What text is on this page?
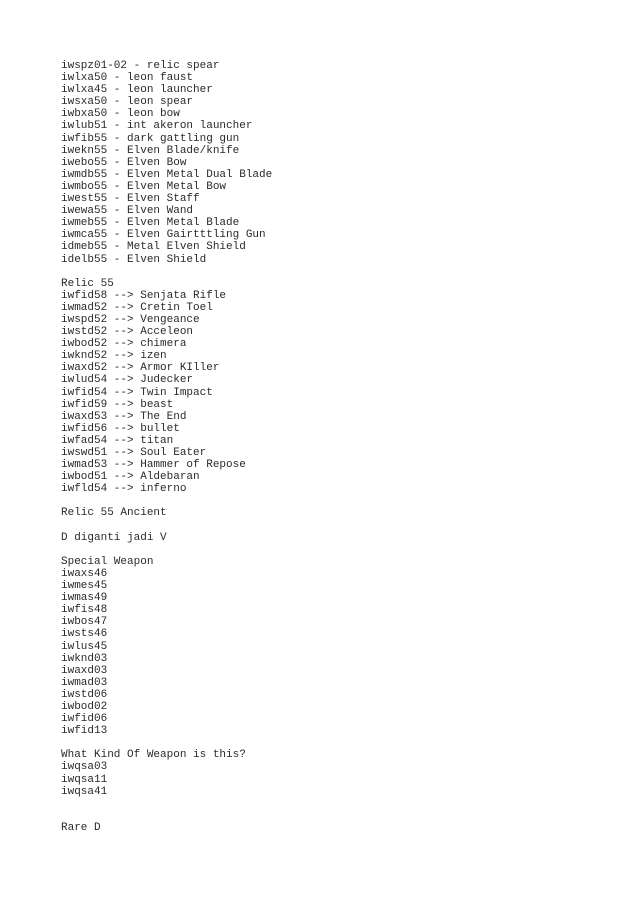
iwspz01-02 - relic spear
iwlxa50 - leon faust
iwlxa45 - leon launcher
iwsxa50 - leon spear
iwbxa50 - leon bow
iwlub51 - int akeron launcher
iwfib55 - dark gattling gun
iwekn55 - Elven Blade/knife
iwebo55 - Elven Bow
iwmdb55 - Elven Metal Dual Blade
iwmbo55 - Elven Metal Bow
iwest55 - Elven Staff
iwewa55 - Elven Wand
iwmeb55 - Elven Metal Blade
iwmca55 - Elven Gairtttling Gun
idmeb55 - Metal Elven Shield
idelb55 - Elven Shield
Relic 55
iwfid58 --> Senjata Rifle
iwmad52 --> Cretin Toel
iwspd52 --> Vengeance
iwstd52 --> Acceleon
iwbod52 --> chimera
iwknd52 --> izen
iwaxd52 --> Armor KIller
iwlud54 --> Judecker
iwfid54 --> Twin Impact
iwfid59 --> beast
iwaxd53 --> The End
iwfid56 --> bullet
iwfad54 --> titan
iwswd51 --> Soul Eater
iwmad53 --> Hammer of Repose
iwbod51 --> Aldebaran
iwfld54 --> inferno
Relic 55 Ancient
D diganti jadi V
Special Weapon
iwaxs46
iwmes45
iwmas49
iwfis48
iwbos47
iwsts46
iwlus45
iwknd03
iwaxd03
iwmad03
iwstd06
iwbod02
iwfid06
iwfid13
What Kind Of Weapon is this?
iwqsa03
iwqsa11
iwqsa41
Rare D
